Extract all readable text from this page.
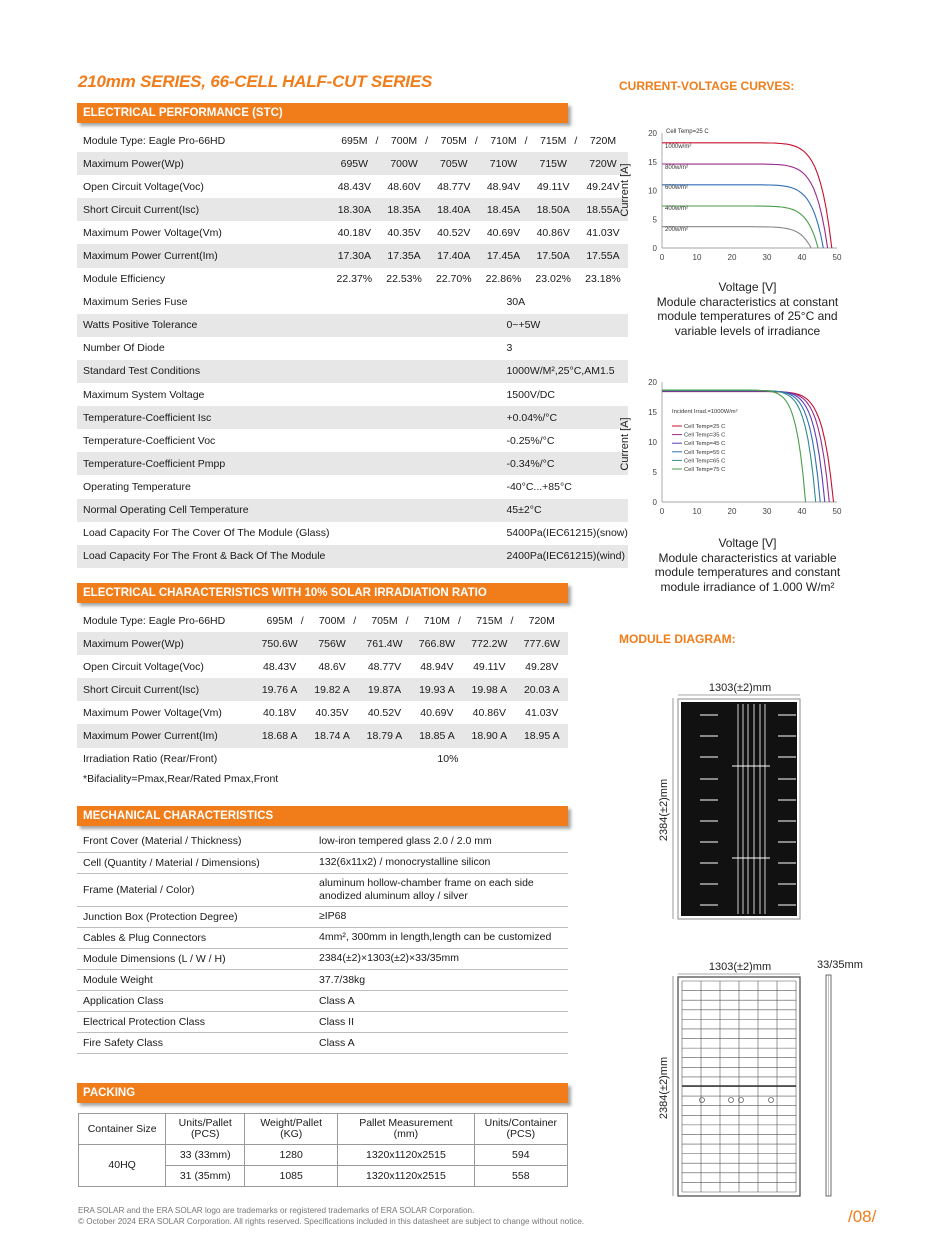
210mm SERIES, 66-CELL HALF-CUT SERIES
ELECTRICAL PERFORMANCE (STC)
Module Type: Eagle Pro-66HD	695M /	700M /	705M /	710M /	715M /	720M
Maximum Power(Wp)	695W	700W	705W	710W	715W	720W
Open Circuit Voltage(Voc)	48.43V	48.60V	48.77V	48.94V	49.11V	49.24V
Short Circuit Current(Isc)	18.30A	18.35A	18.40A	18.45A	18.50A	18.55A
Maximum Power Voltage(Vm)	40.18V	40.35V	40.52V	40.69V	40.86V	41.03V
Maximum Power Current(Im)	17.30A	17.35A	17.40A	17.45A	17.50A	17.55A
Module Efficiency	22.37%	22.53%	22.70%	22.86%	23.02%	23.18%
Maximum Series Fuse	30A					
Watts Positive Tolerance	0~+5W					
Number Of Diode	3					
Standard Test Conditions	1000W/M²,25°C,AM1.5					
Maximum System Voltage	1500V/DC					
Temperature-Coefficient Isc	+0.04%/°C					
Temperature-Coefficient Voc	-0.25%/°C					
Temperature-Coefficient Pmpp	-0.34%/°C					
Operating Temperature	-40°C...+85°C					
Normal Operating Cell Temperature	45±2°C					
Load Capacity For The Cover Of The Module (Glass)	5400Pa(IEC61215)(snow)					
Load Capacity For The Front & Back Of The Module	2400Pa(IEC61215)(wind)					
ELECTRICAL CHARACTERISTICS WITH 10% SOLAR IRRADIATION RATIO
Module Type: Eagle Pro-66HD	695M /	700M /	705M /	710M /	715M /	720M
Maximum Power(Wp)	750.6W	756W	761.4W	766.8W	772.2W	777.6W
Open Circuit Voltage(Voc)	48.43V	48.6V	48.77V	48.94V	49.11V	49.28V
Short Circuit Current(Isc)	19.76 A	19.82 A	19.87A	19.93 A	19.98 A	20.03 A
Maximum Power Voltage(Vm)	40.18V	40.35V	40.52V	40.69V	40.86V	41.03V
Maximum Power Current(Im)	18.68 A	18.74 A	18.79 A	18.85 A	18.90 A	18.95 A
Irradiation Ratio (Rear/Front)	10%					
*Bifaciality=Pmax,Rear/Rated Pmax,Front
MECHANICAL CHARACTERISTICS
Front Cover (Material / Thickness)	low-iron tempered glass 2.0 / 2.0 mm

Cell (Quantity / Material / Dimensions)	132(6x11x2) / monocrystalline silicon

Frame (Material / Color)	aluminum hollow-chamber frame on each side
anodized aluminum alloy / silver

Junction Box (Protection Degree)	≥IP68

Cables & Plug Connectors	4mm², 300mm in length,length can be customized

Module Dimensions (L / W / H)	2384(±2)×1303(±2)×33/35mm

Module Weight	37.7/38kg

Application Class	Class A

Electrical Protection Class	Class II

Fire Safety Class	Class A
PACKING
Container Size	Units/Pallet (PCS)	Weight/Pallet (KG)	Pallet Measurement (mm)	Units/Container (PCS)
40HQ	33 (33mm)	1280	1320x1120x2515	594
	31 (35mm)	1085	1320x1120x2515	558
CURRENT-VOLTAGE CURVES:
0	10	20	30	40	50
0
5
10
15
20
Current [A]
Cell Temp=25 C
1000w/m²
800w/m²
600w/m²
400w/m²
200w/m²
Voltage [V]
Module characteristics at constant
module temperatures of 25°C and
variable levels of irradiance
0	10	20	30	40	50
0
5
10
15
20
Current [A]
Incident Irrad.=1000W/m²
Cell Temp=25 C
Cell Temp=35 C
Cell Temp=45 C
Cell Temp=55 C
Cell Temp=65 C
Cell Temp=75 C
Voltage [V]
Module characteristics at variable
module temperatures and constant
module irradiance of 1.000 W/m²
MODULE DIAGRAM:
1303(±2)mm
2384(±2)mm
1303(±2)mm
2384(±2)mm
33/35mm
ERA SOLAR and the ERA SOLAR logo are trademarks or registered trademarks of ERA SOLAR Corporation.
© October 2024 ERA SOLAR Corporation. All rights reserved. Specifications included in this datasheet are subject to change without notice.	/08/
